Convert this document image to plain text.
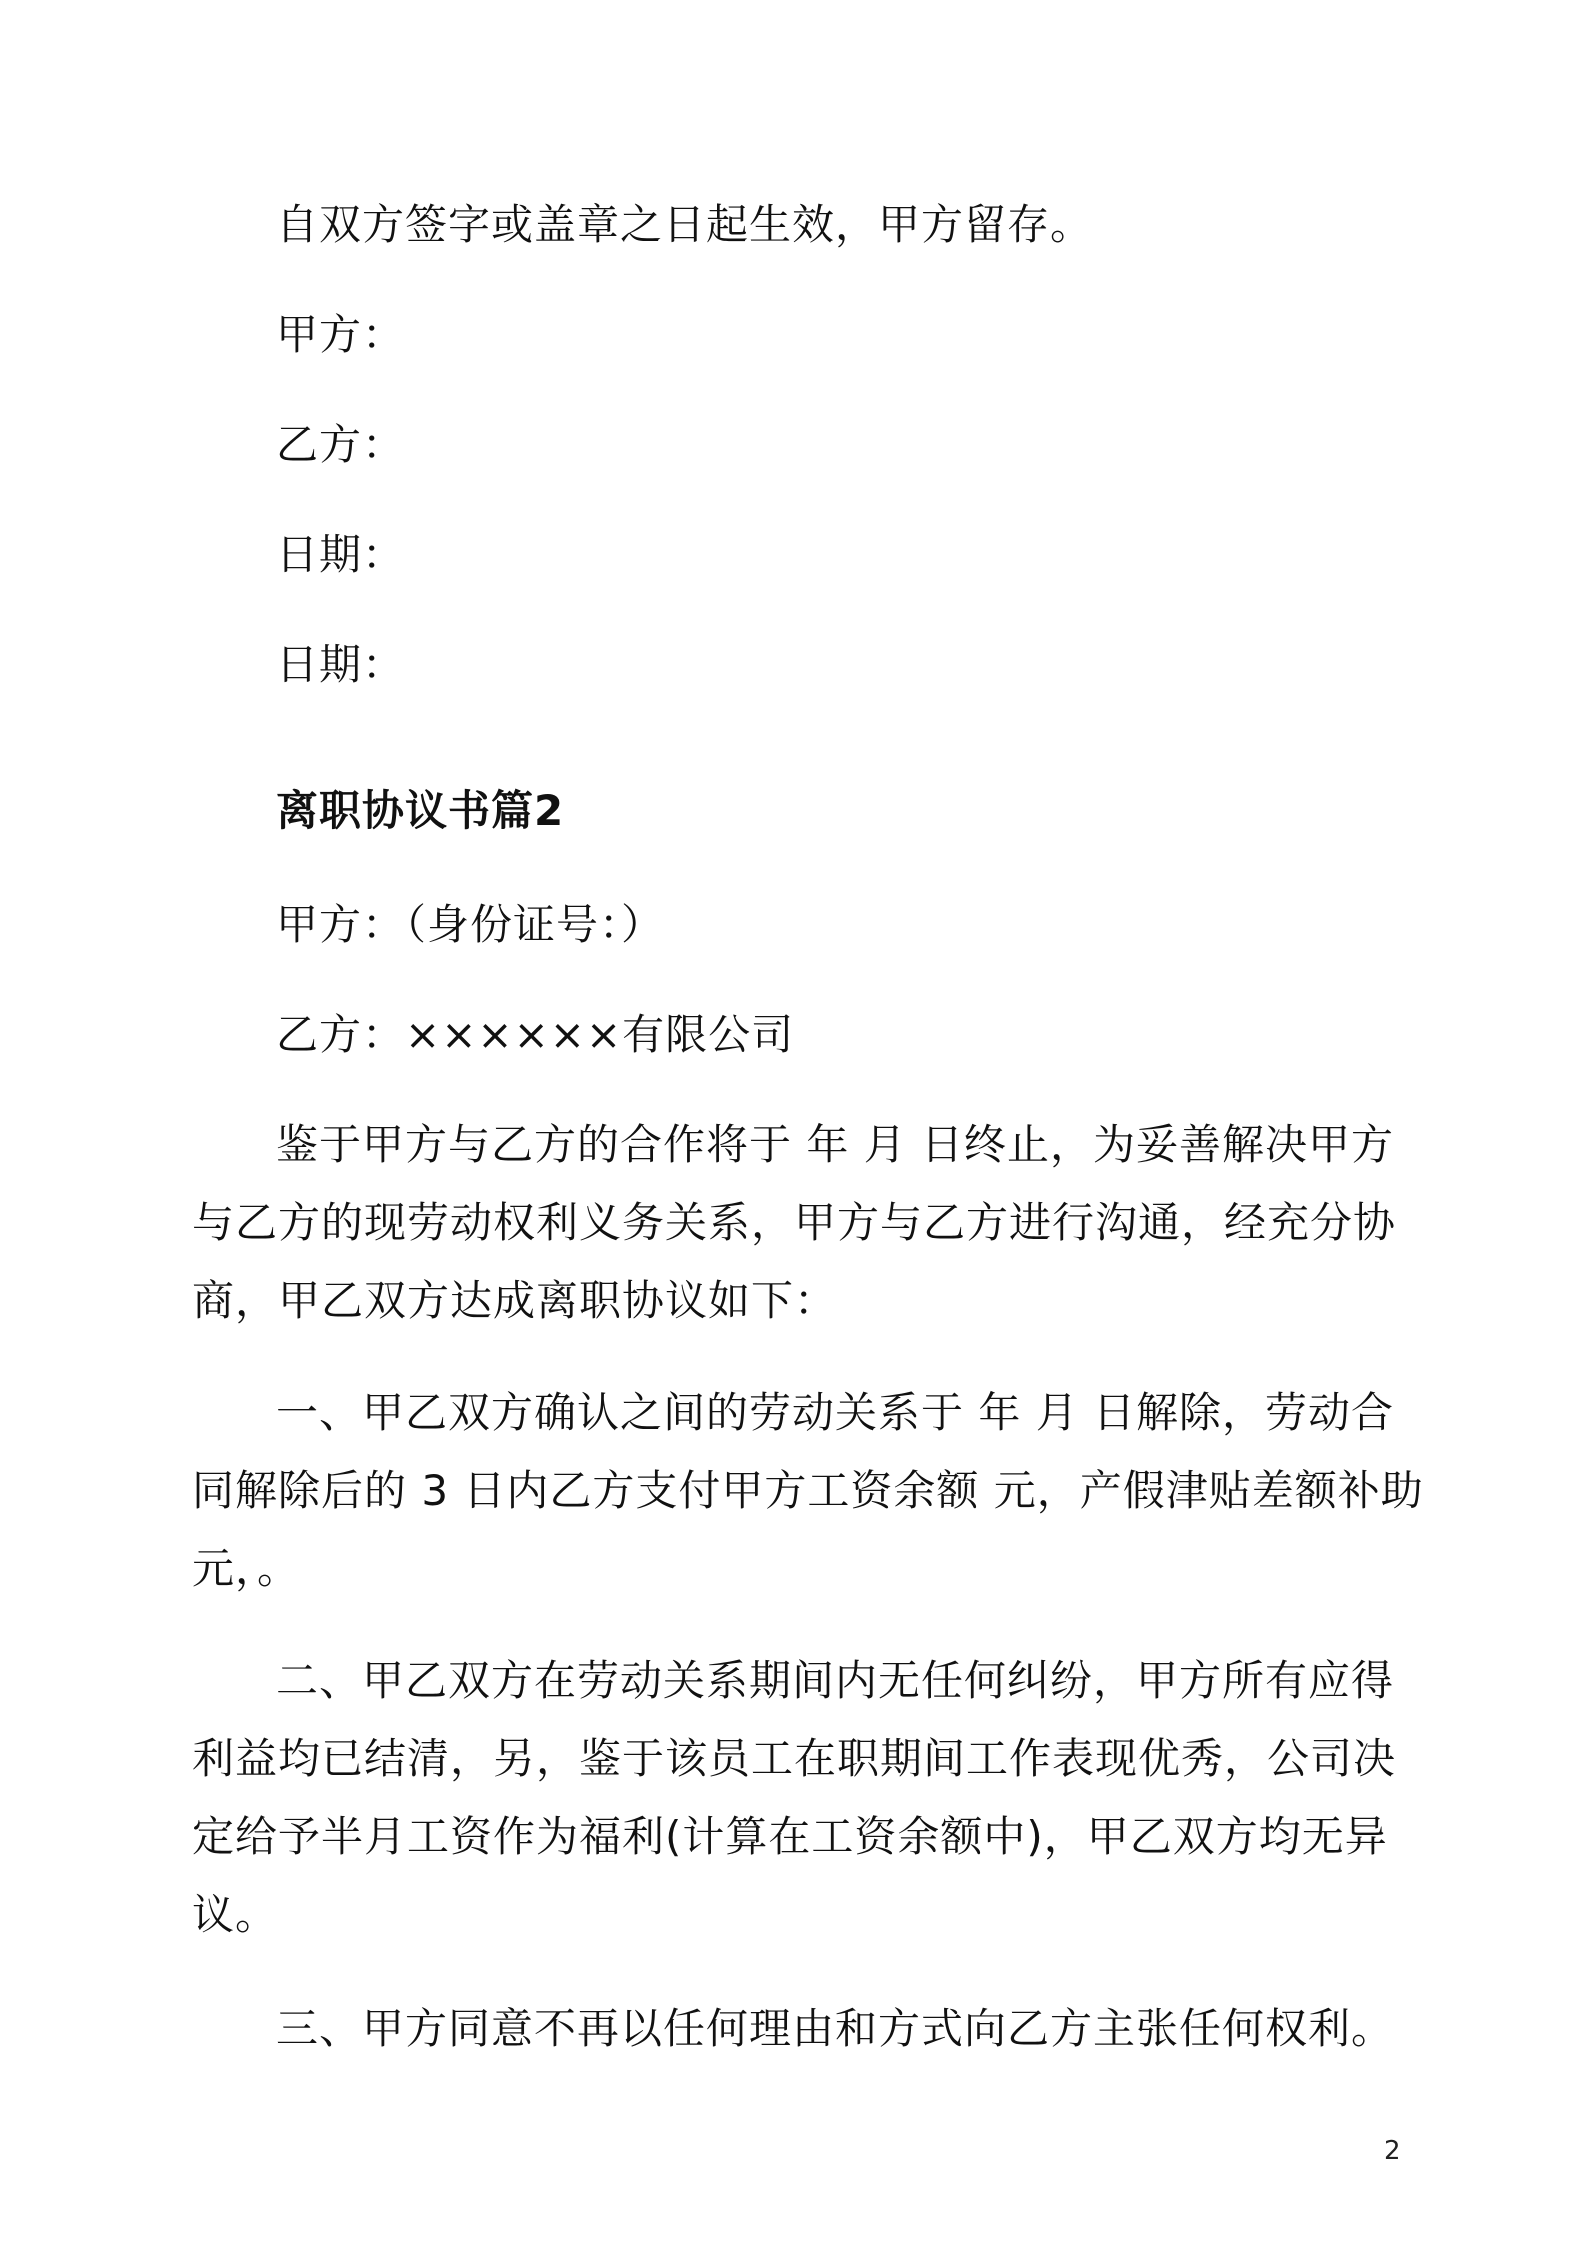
自双方签字或盖章之日起生效，甲方留存。
甲方：
乙方：
日期：
日期：
离职协议书篇2
甲方：（身份证号：）
乙方：××××××有限公司
鉴于甲方与乙方的合作将于 年 月 日终止，为妥善解决甲方
与乙方的现劳动权利义务关系，甲方与乙方进行沟通，经充分协
商，甲乙双方达成离职协议如下：
一、甲乙双方确认之间的劳动关系于 年 月 日解除，劳动合
同解除后的 3 日内乙方支付甲方工资余额 元，产假津贴差额补助
元，。
二、甲乙双方在劳动关系期间内无任何纠纷，甲方所有应得
利益均已结清，另，鉴于该员工在职期间工作表现优秀，公司决
定给予半月工资作为福利(计算在工资余额中)，甲乙双方均无异
议。
三、甲方同意不再以任何理由和方式向乙方主张任何权利。
2
